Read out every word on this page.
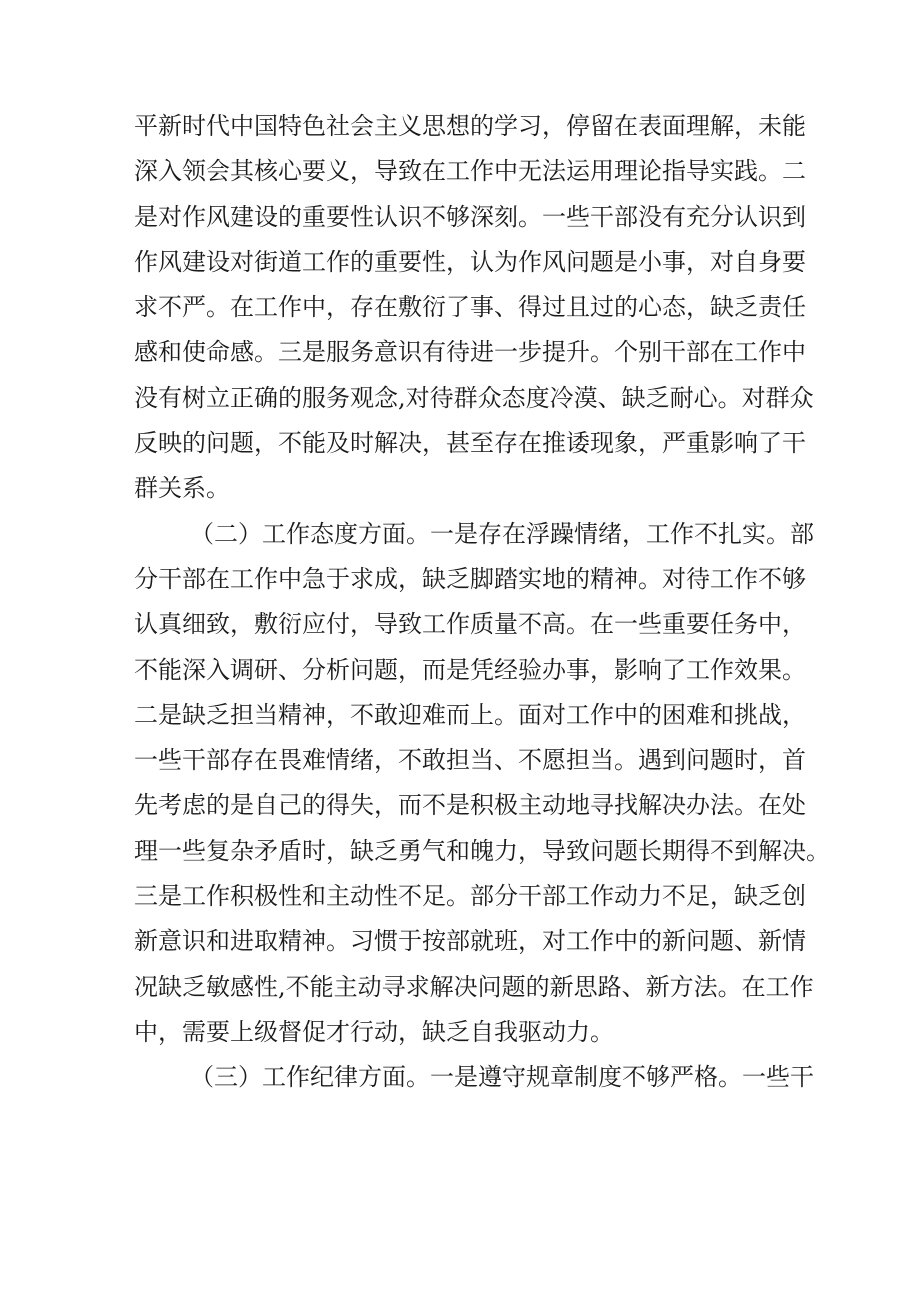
平新时代中国特色社会主义思想的学习，停留在表面理解，未能
深入领会其核心要义，导致在工作中无法运用理论指导实践。二
是对作风建设的重要性认识不够深刻。一些干部没有充分认识到
作风建设对街道工作的重要性，认为作风问题是小事，对自身要
求不严。在工作中，存在敷衍了事、得过且过的心态，缺乏责任
感和使命感。三是服务意识有待进一步提升。个别干部在工作中
没有树立正确的服务观念,对待群众态度冷漠、缺乏耐心。对群众
反映的问题，不能及时解决，甚至存在推诿现象，严重影响了干
群关系。
（二）工作态度方面。一是存在浮躁情绪，工作不扎实。部
分干部在工作中急于求成，缺乏脚踏实地的精神。对待工作不够
认真细致，敷衍应付，导致工作质量不高。在一些重要任务中，
不能深入调研、分析问题，而是凭经验办事，影响了工作效果。
二是缺乏担当精神，不敢迎难而上。面对工作中的困难和挑战，
一些干部存在畏难情绪，不敢担当、不愿担当。遇到问题时，首
先考虑的是自己的得失，而不是积极主动地寻找解决办法。在处
理一些复杂矛盾时，缺乏勇气和魄力，导致问题长期得不到解决。
三是工作积极性和主动性不足。部分干部工作动力不足，缺乏创
新意识和进取精神。习惯于按部就班，对工作中的新问题、新情
况缺乏敏感性,不能主动寻求解决问题的新思路、新方法。在工作
中，需要上级督促才行动，缺乏自我驱动力。
（三）工作纪律方面。一是遵守规章制度不够严格。一些干
